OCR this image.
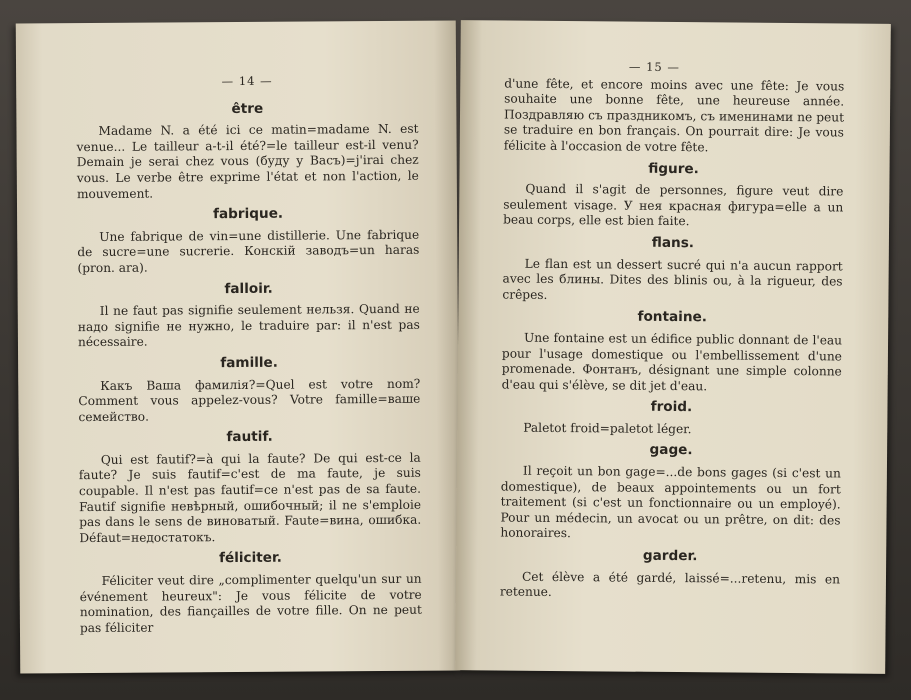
— 14 —
être

Madame N. a été ici ce matin=madame N. est venue... Le tailleur a-t-il été?=le tailleur est-il venu? Demain je serai chez vous (буду у Васъ)=j'irai chez vous. Le verbe être exprime l'état et non l'action, le mouvement.

fabrique.

Une fabrique de vin=une distillerie. Une fabrique de sucre=une sucrerie. Конскій заводъ=un haras (pron. ara).

falloir.

Il ne faut pas signifie seulement нельзя. Quand не надо signifie не нужно, le traduire par: il n'est pas nécessaire.

famille.

Какъ Ваша фамилія?=Quel est votre nom? Comment vous appelez-vous? Votre famille=ваше семейство.

fautif.

Qui est fautif?=à qui la faute? De qui est-ce la faute? Je suis fautif=c'est de ma faute, je suis coupable. Il n'est pas fautif=ce n'est pas de sa faute. Fautif signifie невѣрный, ошибочный; il ne s'emploie pas dans le sens de виноватый. Faute=вина, ошибка. Défaut=недостатокъ.

féliciter.

Féliciter veut dire „complimenter quelqu'un sur un événement heureux": Je vous félicite de votre nomination, des fiançailles de votre fille. On ne peut pas féliciter

— 15 —

d'une fête, et encore moins avec une fête: Je vous souhaite une bonne fête, une heureuse année. Поздравляю съ праздникомъ, съ именинами ne peut se traduire en bon français. On pourrait dire: Je vous félicite à l'occasion de votre fête.

figure.

Quand il s'agit de personnes, figure veut dire seulement visage. У нея красная фигура=elle a un beau corps, elle est bien faite.

flans.

Le flan est un dessert sucré qui n'a aucun rapport avec les блины. Dites des blinis ou, à la rigueur, des crêpes.

fontaine.

Une fontaine est un édifice public donnant de l'eau pour l'usage domestique ou l'embellissement d'une promenade. Фонтанъ, désignant une simple colonne d'eau qui s'élève, se dit jet d'eau.

froid.

Paletot froid=paletot léger.

gage.

Il reçoit un bon gage=...de bons gages (si c'est un domestique), de beaux appointements ou un fort traitement (si c'est un fonctionnaire ou un employé). Pour un médecin, un avocat ou un prêtre, on dit: des honoraires.

garder.

Cet élève a été gardé, laissé=...retenu, mis en retenue.
